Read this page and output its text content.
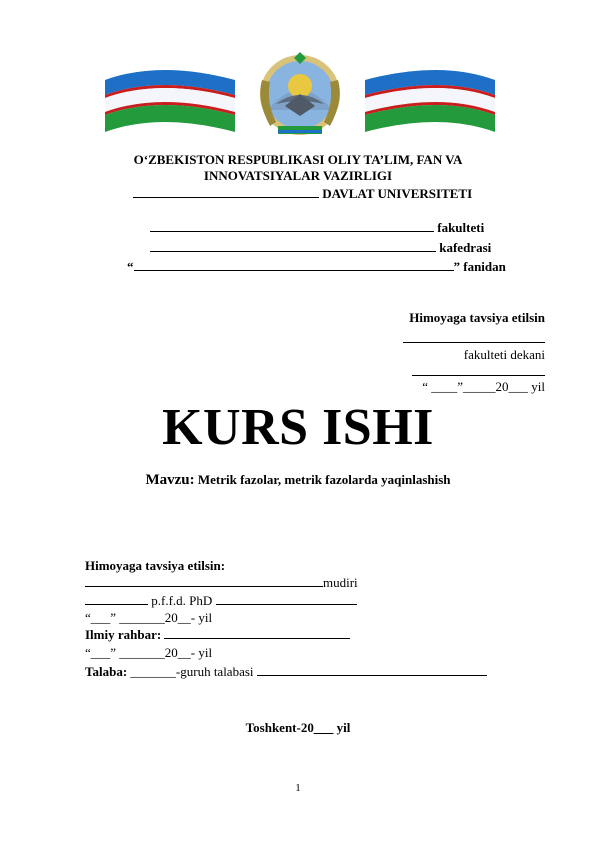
O‘ZBEKISTON RESPUBLIKASI OLIY TA’LIM, FAN VA
INNOVATSIYALAR VAZIRLIGI
DAVLAT UNIVERSITETI
fakulteti
kafedrasi
“	” fanidan
Himoyaga tavsiya etilsin
fakulteti dekani
“ ____”_____20___ yil
KURS ISHI
Mavzu: Metrik fazolar, metrik fazolarda yaqinlashish
Himoyaga tavsiya etilsin:
mudiri
p.f.f.d. PhD
“___” _______20__- yil
Ilmiy rahbar:
“___” _______20__- yil
Talaba: _______-guruh talabasi
Toshkent-20___ yil
1
